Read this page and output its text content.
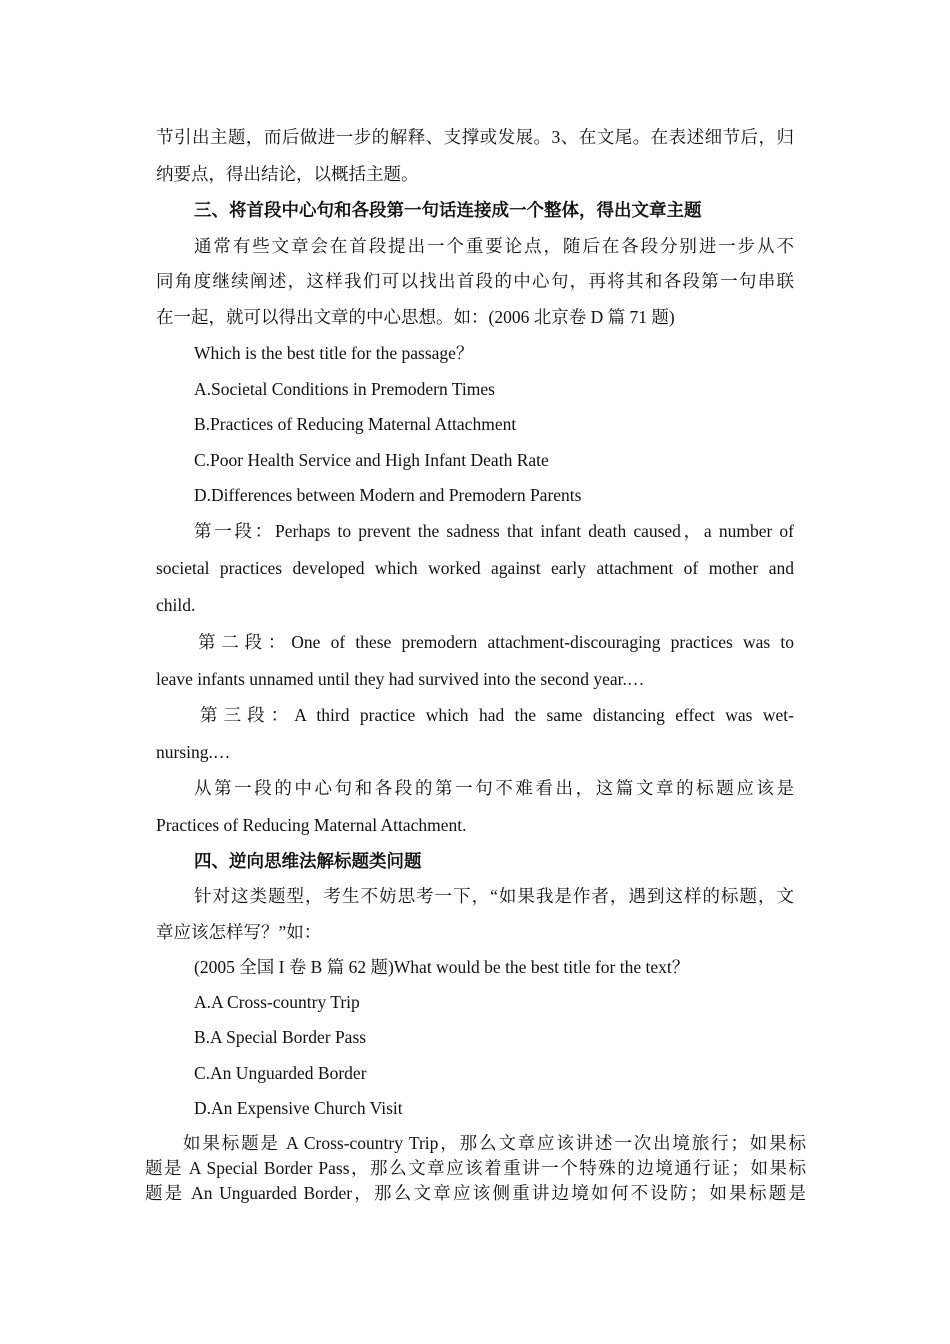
节引出主题，而后做进一步的解释、支撑或发展。3、在文尾。在表述细节后，归
纳要点，得出结论，以概括主题。
三、将首段中心句和各段第一句话连接成一个整体，得出文章主题
通常有些文章会在首段提出一个重要论点，随后在各段分别进一步从不
同角度继续阐述，这样我们可以找出首段的中心句，再将其和各段第一句串联
在一起，就可以得出文章的中心思想。如：(2006 北京卷 D 篇 71 题)
Which is the best title for the passage？
A.Societal Conditions in Premodern Times
B.Practices of Reducing Maternal Attachment
C.Poor Health Service and High Infant Death Rate
D.Differences between Modern and Premodern Parents
第一段：Perhaps to prevent the sadness that infant death caused，a number of
societal practices developed which worked against early attachment of mother and
child.
第二段：One of these premodern attachment-discouraging practices was to
leave infants unnamed until they had survived into the second year.…
第三段：A third practice which had the same distancing effect was wet-
nursing.…
从第一段的中心句和各段的第一句不难看出，这篇文章的标题应该是
Practices of Reducing Maternal Attachment.
四、逆向思维法解标题类问题
针对这类题型，考生不妨思考一下，“如果我是作者，遇到这样的标题，文
章应该怎样写？”如：
(2005 全国 I 卷 B 篇 62 题)What would be the best title for the text？
A.A Cross-country Trip
B.A Special Border Pass
C.An Unguarded Border
D.An Expensive Church Visit
如果标题是 A Cross-country Trip，那么文章应该讲述一次出境旅行；如果标
题是 A Special Border Pass，那么文章应该着重讲一个特殊的边境通行证；如果标
题是 An Unguarded Border，那么文章应该侧重讲边境如何不设防；如果标题是
